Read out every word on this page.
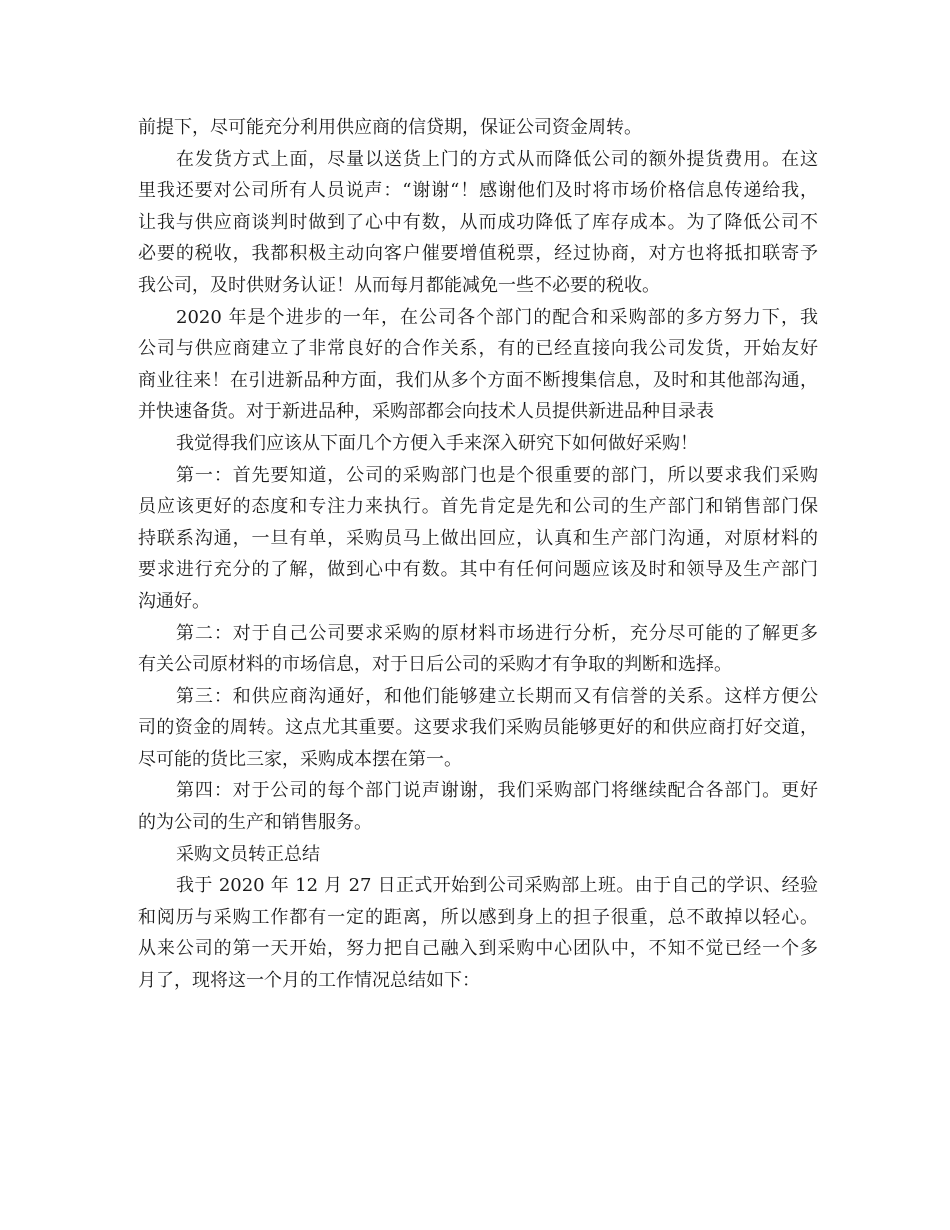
前提下，尽可能充分利用供应商的信贷期，保证公司资金周转。
在发货方式上面，尽量以送货上门的方式从而降低公司的额外提货费用。在这
里我还要对公司所有人员说声：“谢谢“！感谢他们及时将市场价格信息传递给我，
让我与供应商谈判时做到了心中有数，从而成功降低了库存成本。为了降低公司不
必要的税收，我都积极主动向客户催要增值税票，经过协商，对方也将抵扣联寄予
我公司，及时供财务认证！从而每月都能减免一些不必要的税收。
2020 年是个进步的一年，在公司各个部门的配合和采购部的多方努力下，我
公司与供应商建立了非常良好的合作关系，有的已经直接向我公司发货，开始友好
商业往来！在引进新品种方面，我们从多个方面不断搜集信息，及时和其他部沟通，
并快速备货。对于新进品种，采购部都会向技术人员提供新进品种目录表
我觉得我们应该从下面几个方便入手来深入研究下如何做好采购！
第一：首先要知道，公司的采购部门也是个很重要的部门，所以要求我们采购
员应该更好的态度和专注力来执行。首先肯定是先和公司的生产部门和销售部门保
持联系沟通，一旦有单，采购员马上做出回应，认真和生产部门沟通，对原材料的
要求进行充分的了解，做到心中有数。其中有任何问题应该及时和领导及生产部门
沟通好。
第二：对于自己公司要求采购的原材料市场进行分析，充分尽可能的了解更多
有关公司原材料的市场信息，对于日后公司的采购才有争取的判断和选择。
第三：和供应商沟通好，和他们能够建立长期而又有信誉的关系。这样方便公
司的资金的周转。这点尤其重要。这要求我们采购员能够更好的和供应商打好交道，
尽可能的货比三家，采购成本摆在第一。
第四：对于公司的每个部门说声谢谢，我们采购部门将继续配合各部门。更好
的为公司的生产和销售服务。
采购文员转正总结
我于 2020 年 12 月 27 日正式开始到公司采购部上班。由于自己的学识、经验
和阅历与采购工作都有一定的距离，所以感到身上的担子很重，总不敢掉以轻心。
从来公司的第一天开始，努力把自己融入到采购中心团队中，不知不觉已经一个多
月了，现将这一个月的工作情况总结如下：
